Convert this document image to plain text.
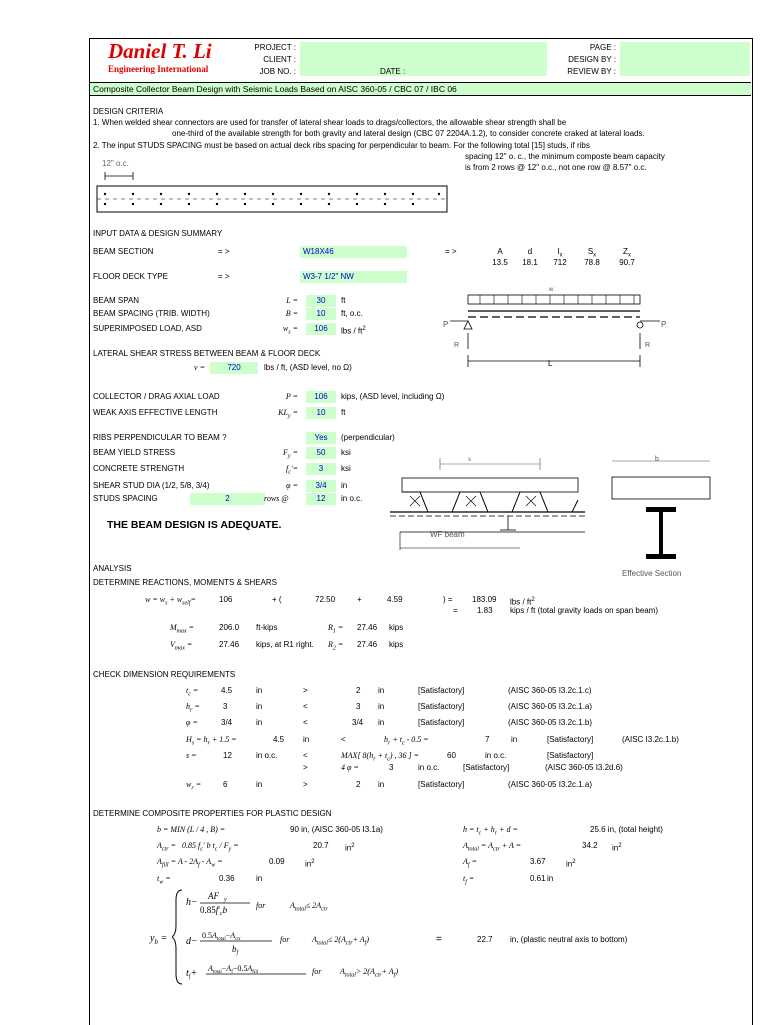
Daniel T. Li
Engineering International
PROJECT :
CLIENT :
JOB NO. :	DATE :
PAGE :
DESIGN BY :
REVIEW BY :
Composite Collector Beam Design with Seismic Loads Based on AISC 360-05 / CBC 07 / IBC 06
DESIGN CRITERIA
1. When welded shear connectors are used for transfer of lateral shear loads to drags/collectors, the allowable shear strength shall be
one-third of the available strength for both gravity and lateral design (CBC 07 2204A.1.2), to consider concrete craked at lateral loads.
2. The input STUDS SPACING must be based on actual deck ribs spacing for perpendicular to beam. For the following total [15] studs, if ribs
spacing 12" o. c., the minimum composte beam capacity
is from 2 rows @ 12" o.c., not one row @ 8.57" o.c.
12" o.c.
INPUT DATA & DESIGN SUMMARY
BEAM SECTION	= >	W18X46	= >	A	d	$I_x$	$S_x$	$Z_x$
13.5	18.1	712	78.8	90.7
FLOOR DECK TYPE	= >	W3-7 1/2" NW
BEAM SPAN	L =	30	ft
BEAM SPACING (TRIB. WIDTH)	B =	10	ft, o.c.
SUPERIMPOSED LOAD, ASD	$w_s$ =	106	lbs / $ft^2$
LATERAL SHEAR STRESS BETWEEN BEAM & FLOOR DECK
v =	720	lbs / ft, (ASD level, no Ω)
COLLECTOR / DRAG AXIAL LOAD	P =	106	kips, (ASD level, including Ω)
WEAK AXIS EFFECTIVE LENGTH	$KL_y$ =	10	ft
RIBS PERPENDICULAR TO BEAM ?	Yes	(perpendicular)
BEAM YIELD STRESS	$F_y$ =	50	ksi
CONCRETE STRENGTH	$f_c'=$	3	ksi
SHEAR STUD DIA (1/2, 5/8, 3/4)	φ =	3/4	in
STUDS SPACING	2	rows @	12	in o.c.
THE BEAM DESIGN IS ADEQUATE.
w
P	P
R	R
L
s
WF beam
b
Effective Section
ANALYSIS
DETERMINE REACTIONS, MOMENTS & SHEARS
$w = w_s + w_{self}=$	106	+ (	72.50	+	4.59	) = 183.09 lbs / $ft^2$
= 1.83 kips / ft (total gravity loads on span beam)
$M_{max}$ =	206.0 ft-kips	$R_1 = 27.46$ kips
$V_{max}$ =	27.46 kips, at R1 right. $R_2 = 27.46$ kips
CHECK DIMENSION REQUIREMENTS
$t_c$ =	4.5	in	>	2 in	[Satisfactory]	(AISC 360-05 I3.2c.1.c)
$h_r$ =	3	in	<	3 in	[Satisfactory]	(AISC 360-05 I3.2c.1.a)
φ =	3/4	in	<	3/4 in	[Satisfactory]	(AISC 360-05 I3.2c.1.b)
$H_s = h_r + 1.5$ =	4.5 in	<	$h_r + t_c - 0.5$ =	7	in	[Satisfactory]	(AISC I3.2c.1.b)
s =	12	in o.c.	<	MAX[ $8(h_r + t_c)$ , 36 ] =	60	in o.c.	[Satisfactory]
>	4 φ =	3	in o.c.	[Satisfactory]	(AISC 360-05 I3.2d.6)
$w_r$ =	6	in	>	2 in	[Satisfactory]	(AISC 360-05 I3.2c.1.a)
DETERMINE COMPOSITE PROPERTIES FOR PLASTIC DESIGN
b = MIN (L / 4 , B) =	90 in, (AISC 360-05 I3.1a)	$h = t_c + h_r + d$ =	25.6 in, (total height)
$A_{ctr} = 0.85$ $f_c'$ b $t_c / F_y$ =	20.7 $in^2$	$A_{total} = A_{ctr} + A$ =	34.2 $in^2$
$A_{fill} = A - 2A_f - A_w$ =	0.09	$in^2$	$A_f$ =	3.67	$in^2$
$t_w$ =	0.36	in	$t_f$ =	0.61 in
$y_b$ =
h−
AF y
$0.85f'_cb$
d−
$0.5A_{total}-A_{ctr}$
$b_f$
$t_f+ A_{total}-A_f-0.5A_{fill}$
for	$A_{total}\le 2A_{ctr}$
for	$A_{total}\le 2(A_{ctr}+ A_f)$
for $A_{total}> 2(A_{ctr}+ A_f)$
=	22.7 in, (plastic neutral axis to bottom)
